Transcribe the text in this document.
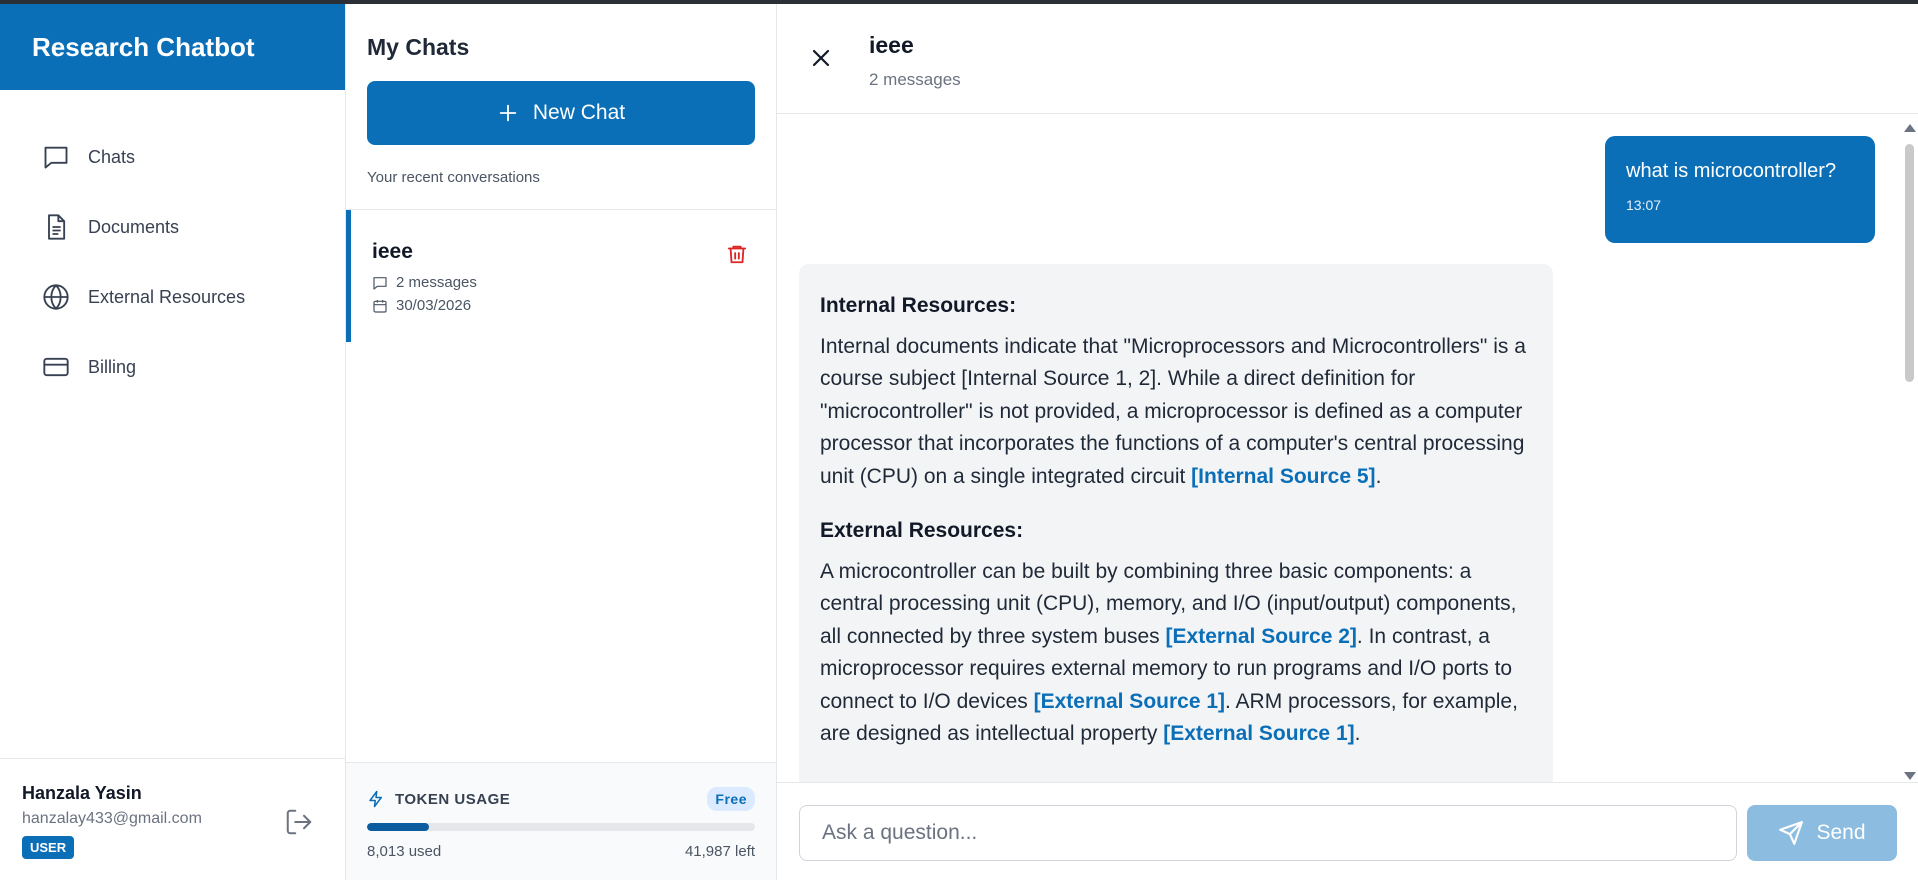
Research Chatbot
Chats
Documents
External Resources
Billing
Hanzala Yasin
hanzalay433@gmail.com
USER
My Chats
New Chat
Your recent conversations
ieee
2 messages
30/03/2026
TOKEN USAGE	Free
8,013 used	41,987 left
ieee
2 messages
what is microcontroller?
13:07
Internal Resources:

Internal documents indicate that "Microprocessors and Microcontrollers" is a course subject [Internal Source 1, 2]. While a direct definition for "microcontroller" is not provided, a microprocessor is defined as a computer processor that incorporates the functions of a computer's central processing unit (CPU) on a single integrated circuit [Internal Source 5].

External Resources:

A microcontroller can be built by combining three basic components: a central processing unit (CPU), memory, and I/O (input/output) components, all connected by three system buses [External Source 2]. In contrast, a microprocessor requires external memory to run programs and I/O ports to connect to I/O devices [External Source 1]. ARM processors, for example, are designed as intellectual property [External Source 1].

Ask a question...
Send
